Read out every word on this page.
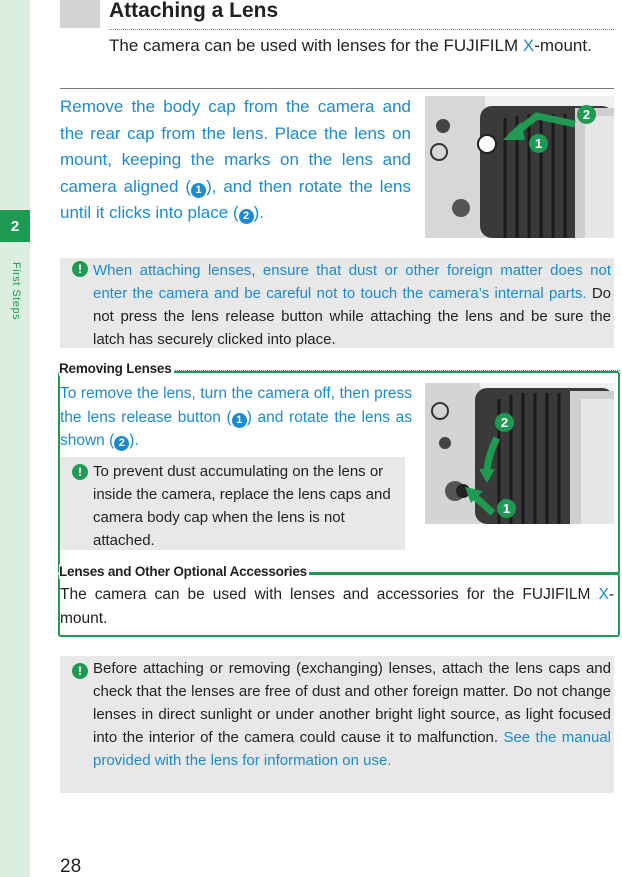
2
First Steps
Attaching a Lens

The camera can be used with lenses for the FUJIFILM X-mount.

Remove the body cap from the camera and the rear cap from the lens. Place the lens on mount, keeping the marks on the lens and camera aligned ( 1 ), and then rotate the lens until it clicks into place ( 2 ).

1
2
! When attaching lenses, ensure that dust or other foreign matter does not enter the camera and be careful not to touch the camera’s internal parts. Do not press the lens release button while attaching the lens and be sure the latch has securely clicked into place.

Removing Lenses

To remove the lens, turn the camera off, then press the lens release button ( 1 ) and rotate the lens as shown ( 2 ).

2
1
! To prevent dust accumulating on the lens or inside the camera, replace the lens caps and camera body cap when the lens is not attached.

Lenses and Other Optional Accessories

The camera can be used with lenses and accessories for the FUJIFILM X-mount.

! Before attaching or removing (exchanging) lenses, attach the lens caps and check that the lenses are free of dust and other foreign matter. Do not change lenses in direct sunlight or under another bright light source, as light focused into the interior of the camera could cause it to malfunction. See the manual provided with the lens for information on use.

28
